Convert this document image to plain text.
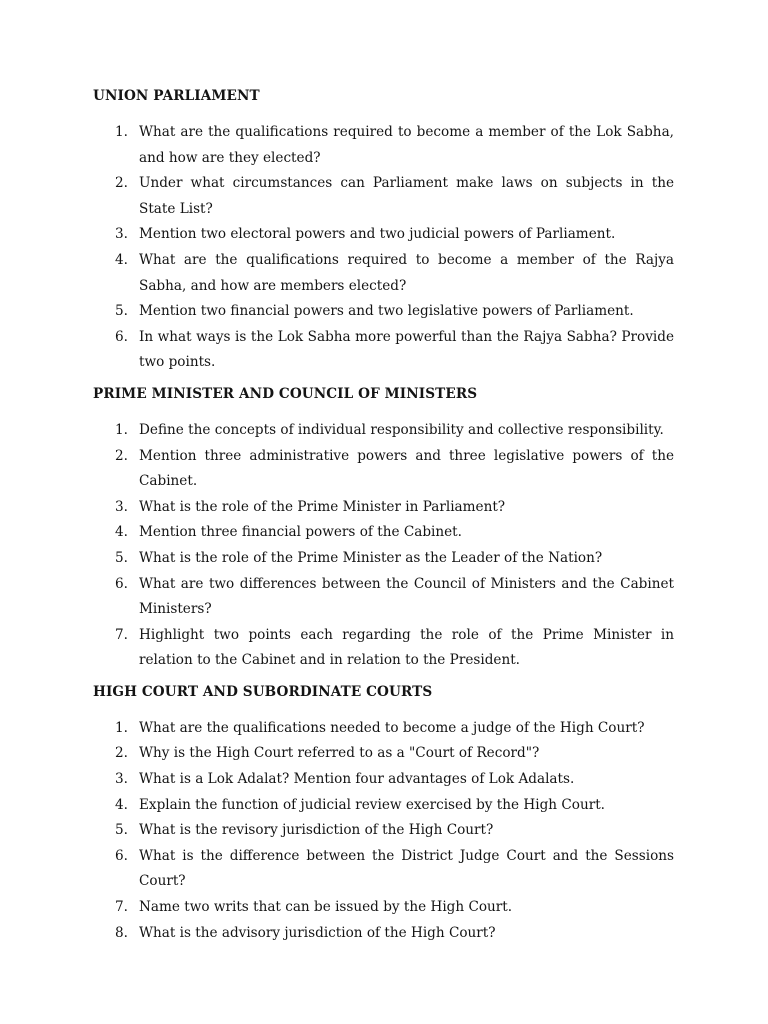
UNION PARLIAMENT
1. What are the qualifications required to become a member of the Lok Sabha, and how are they elected?
2. Under what circumstances can Parliament make laws on subjects in the State List?
3. Mention two electoral powers and two judicial powers of Parliament.
4. What are the qualifications required to become a member of the Rajya Sabha, and how are members elected?
5. Mention two financial powers and two legislative powers of Parliament.
6. In what ways is the Lok Sabha more powerful than the Rajya Sabha? Provide two points.
PRIME MINISTER AND COUNCIL OF MINISTERS
1. Define the concepts of individual responsibility and collective responsibility.
2. Mention three administrative powers and three legislative powers of the Cabinet.
3. What is the role of the Prime Minister in Parliament?
4. Mention three financial powers of the Cabinet.
5. What is the role of the Prime Minister as the Leader of the Nation?
6. What are two differences between the Council of Ministers and the Cabinet Ministers?
7. Highlight two points each regarding the role of the Prime Minister in relation to the Cabinet and in relation to the President.
HIGH COURT AND SUBORDINATE COURTS
1. What are the qualifications needed to become a judge of the High Court?
2. Why is the High Court referred to as a "Court of Record"?
3. What is a Lok Adalat? Mention four advantages of Lok Adalats.
4. Explain the function of judicial review exercised by the High Court.
5. What is the revisory jurisdiction of the High Court?
6. What is the difference between the District Judge Court and the Sessions Court?
7. Name two writs that can be issued by the High Court.
8. What is the advisory jurisdiction of the High Court?
